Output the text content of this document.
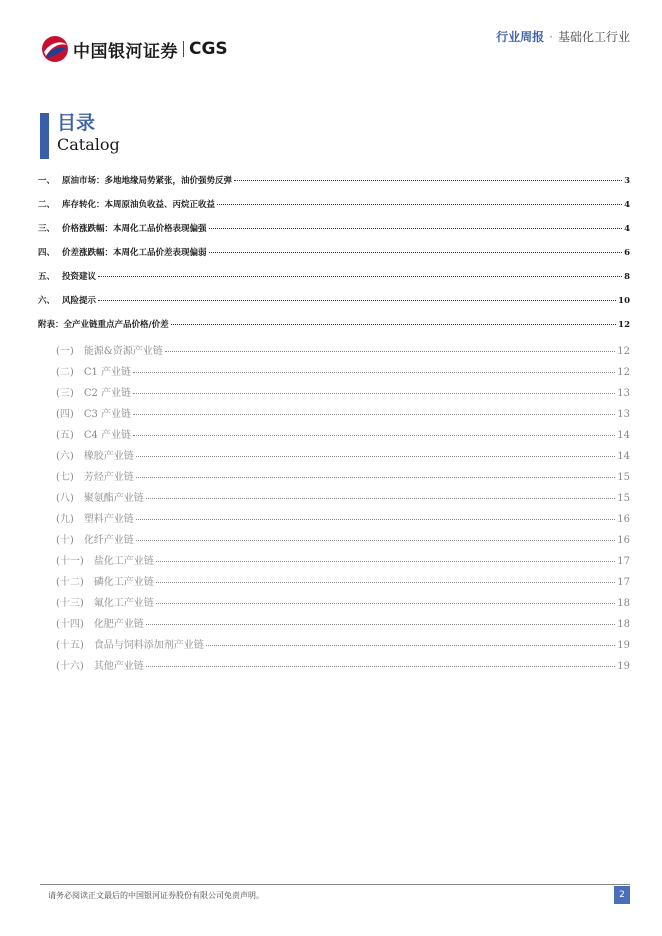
中国银河证券 CGS
行业周报 · 基础化工行业
目录
Catalog
一、 原油市场：多地地缘局势紧张，油价强势反弹	3
二、 库存转化：本周原油负收益、丙烷正收益	4
三、 价格涨跌幅：本周化工品价格表现偏强	4
四、 价差涨跌幅：本周化工品价差表现偏弱	6
五、 投资建议	8
六、 风险提示	10
附表：全产业链重点产品价格/价差	12
(一) 能源&资源产业链	12
(二) C1 产业链	12
(三) C2 产业链	13
(四) C3 产业链	13
(五) C4 产业链	14
(六) 橡胶产业链	14
(七) 芳烃产业链	15
(八) 聚氨酯产业链	15
(九) 塑料产业链	16
(十) 化纤产业链	16
(十一) 盐化工产业链	17
(十二) 磷化工产业链	17
(十三) 氟化工产业链	18
(十四) 化肥产业链	18
(十五) 食品与饲料添加剂产业链	19
(十六) 其他产业链	19
请务必阅读正文最后的中国银河证券股份有限公司免责声明。	2
